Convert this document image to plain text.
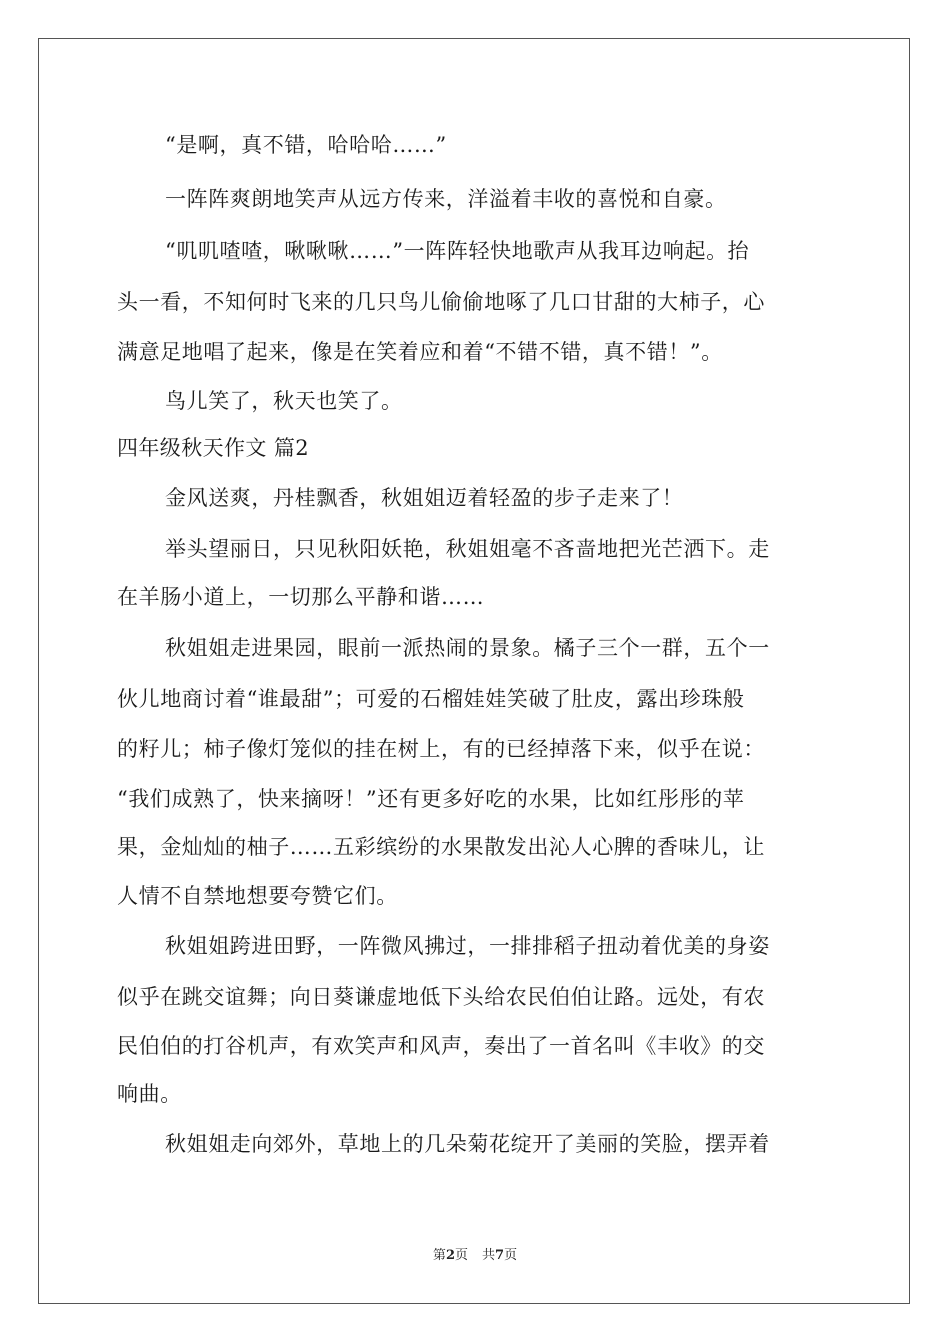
“是啊，真不错，哈哈哈……”
一阵阵爽朗地笑声从远方传来，洋溢着丰收的喜悦和自豪。
“叽叽喳喳，啾啾啾……”一阵阵轻快地歌声从我耳边响起。抬
头一看，不知何时飞来的几只鸟儿偷偷地啄了几口甘甜的大柿子，心
满意足地唱了起来，像是在笑着应和着“不错不错，真不错！”。
鸟儿笑了，秋天也笑了。
四年级秋天作文 篇2
金风送爽，丹桂飘香，秋姐姐迈着轻盈的步子走来了！
举头望丽日，只见秋阳妖艳，秋姐姐毫不吝啬地把光芒洒下。走
在羊肠小道上，一切那么平静和谐……
秋姐姐走进果园，眼前一派热闹的景象。橘子三个一群，五个一
伙儿地商讨着“谁最甜”；可爱的石榴娃娃笑破了肚皮，露出珍珠般
的籽儿；柿子像灯笼似的挂在树上，有的已经掉落下来，似乎在说：
“我们成熟了，快来摘呀！”还有更多好吃的水果，比如红彤彤的苹
果，金灿灿的柚子……五彩缤纷的水果散发出沁人心脾的香味儿，让
人情不自禁地想要夸赞它们。
秋姐姐跨进田野，一阵微风拂过，一排排稻子扭动着优美的身姿
似乎在跳交谊舞；向日葵谦虚地低下头给农民伯伯让路。远处，有农
民伯伯的打谷机声，有欢笑声和风声，奏出了一首名叫《丰收》的交
响曲。
秋姐姐走向郊外，草地上的几朵菊花绽开了美丽的笑脸，摆弄着
第2页 共7页
